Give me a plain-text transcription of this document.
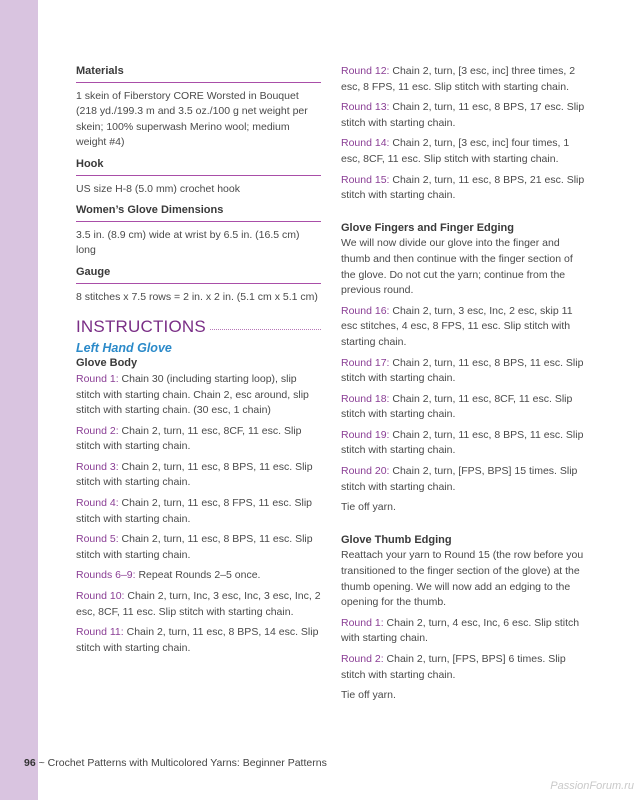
Materials

1 skein of Fiberstory CORE Worsted in Bouquet (218 yd./199.3 m and 3.5 oz./100 g net weight per skein; 100% superwash Merino wool; medium weight #4)

Hook

US size H-8 (5.0 mm) crochet hook

Women’s Glove Dimensions

3.5 in. (8.9 cm) wide at wrist by 6.5 in. (16.5 cm) long

Gauge

8 stitches x 7.5 rows = 2 in. x 2 in. (5.1 cm x 5.1 cm)

INSTRUCTIONS
Left Hand Glove
Glove Body

Round 1: Chain 30 (including starting loop), slip stitch with starting chain. Chain 2, esc around, slip stitch with starting chain. (30 esc, 1 chain)

Round 2: Chain 2, turn, 11 esc, 8CF, 11 esc. Slip stitch with starting chain.

Round 3: Chain 2, turn, 11 esc, 8 BPS, 11 esc. Slip stitch with starting chain.

Round 4: Chain 2, turn, 11 esc, 8 FPS, 11 esc. Slip stitch with starting chain.

Round 5: Chain 2, turn, 11 esc, 8 BPS, 11 esc. Slip stitch with starting chain.

Rounds 6–9: Repeat Rounds 2–5 once.

Round 10: Chain 2, turn, Inc, 3 esc, Inc, 3 esc, Inc, 2 esc, 8CF, 11 esc. Slip stitch with starting chain.

Round 11: Chain 2, turn, 11 esc, 8 BPS, 14 esc. Slip stitch with starting chain.

Round 12: Chain 2, turn, [3 esc, inc] three times, 2 esc, 8 FPS, 11 esc. Slip stitch with starting chain.

Round 13: Chain 2, turn, 11 esc, 8 BPS, 17 esc. Slip stitch with starting chain.

Round 14: Chain 2, turn, [3 esc, inc] four times, 1 esc, 8CF, 11 esc. Slip stitch with starting chain.

Round 15: Chain 2, turn, 11 esc, 8 BPS, 21 esc. Slip stitch with starting chain.

Glove Fingers and Finger Edging

We will now divide our glove into the finger and thumb and then continue with the finger section of the glove. Do not cut the yarn; continue from the previous round.

Round 16: Chain 2, turn, 3 esc, Inc, 2 esc, skip 11 esc stitches, 4 esc, 8 FPS, 11 esc. Slip stitch with starting chain.

Round 17: Chain 2, turn, 11 esc, 8 BPS, 11 esc. Slip stitch with starting chain.

Round 18: Chain 2, turn, 11 esc, 8CF, 11 esc. Slip stitch with starting chain.

Round 19: Chain 2, turn, 11 esc, 8 BPS, 11 esc. Slip stitch with starting chain.

Round 20: Chain 2, turn, [FPS, BPS] 15 times. Slip stitch with starting chain.

Tie off yarn.

Glove Thumb Edging

Reattach your yarn to Round 15 (the row before you transitioned to the finger section of the glove) at the thumb opening. We will now add an edging to the opening for the thumb.

Round 1: Chain 2, turn, 4 esc, Inc, 6 esc. Slip stitch with starting chain.

Round 2: Chain 2, turn, [FPS, BPS] 6 times. Slip stitch with starting chain.

Tie off yarn.

96 ~ Crochet Patterns with Multicolored Yarns: Beginner Patterns
PassionForum.ru
